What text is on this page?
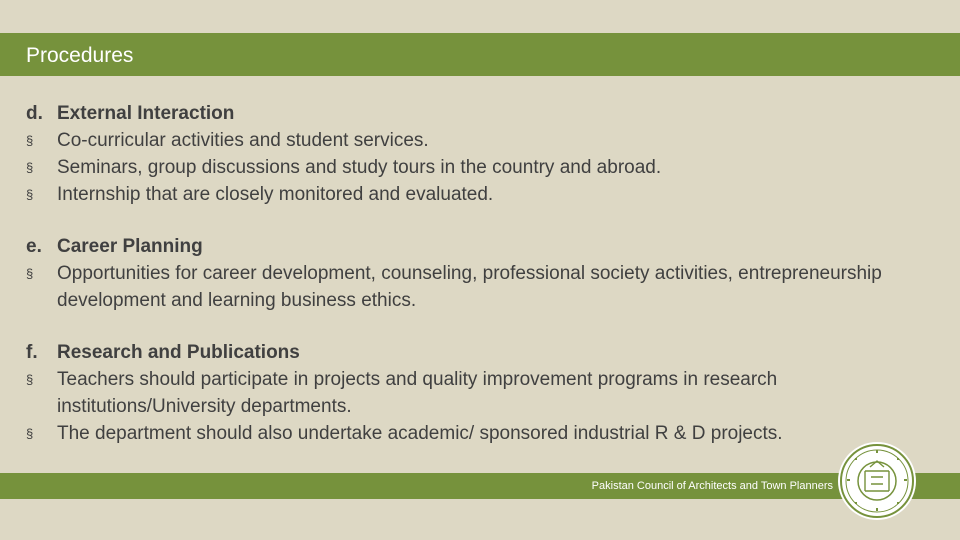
Procedures
d. External Interaction
§	Co-curricular activities and student services.
§	Seminars, group discussions and study tours in the country and abroad.
§	Internship that are closely monitored and evaluated.
e. Career Planning
§	Opportunities for career development, counseling, professional society activities, entrepreneurship development and learning business ethics.
f.	Research and Publications
§	Teachers should participate in projects and quality improvement programs in research institutions/University departments.
§	The department should also undertake academic/ sponsored industrial R & D projects.
Pakistan Council of Architects and Town Planners
